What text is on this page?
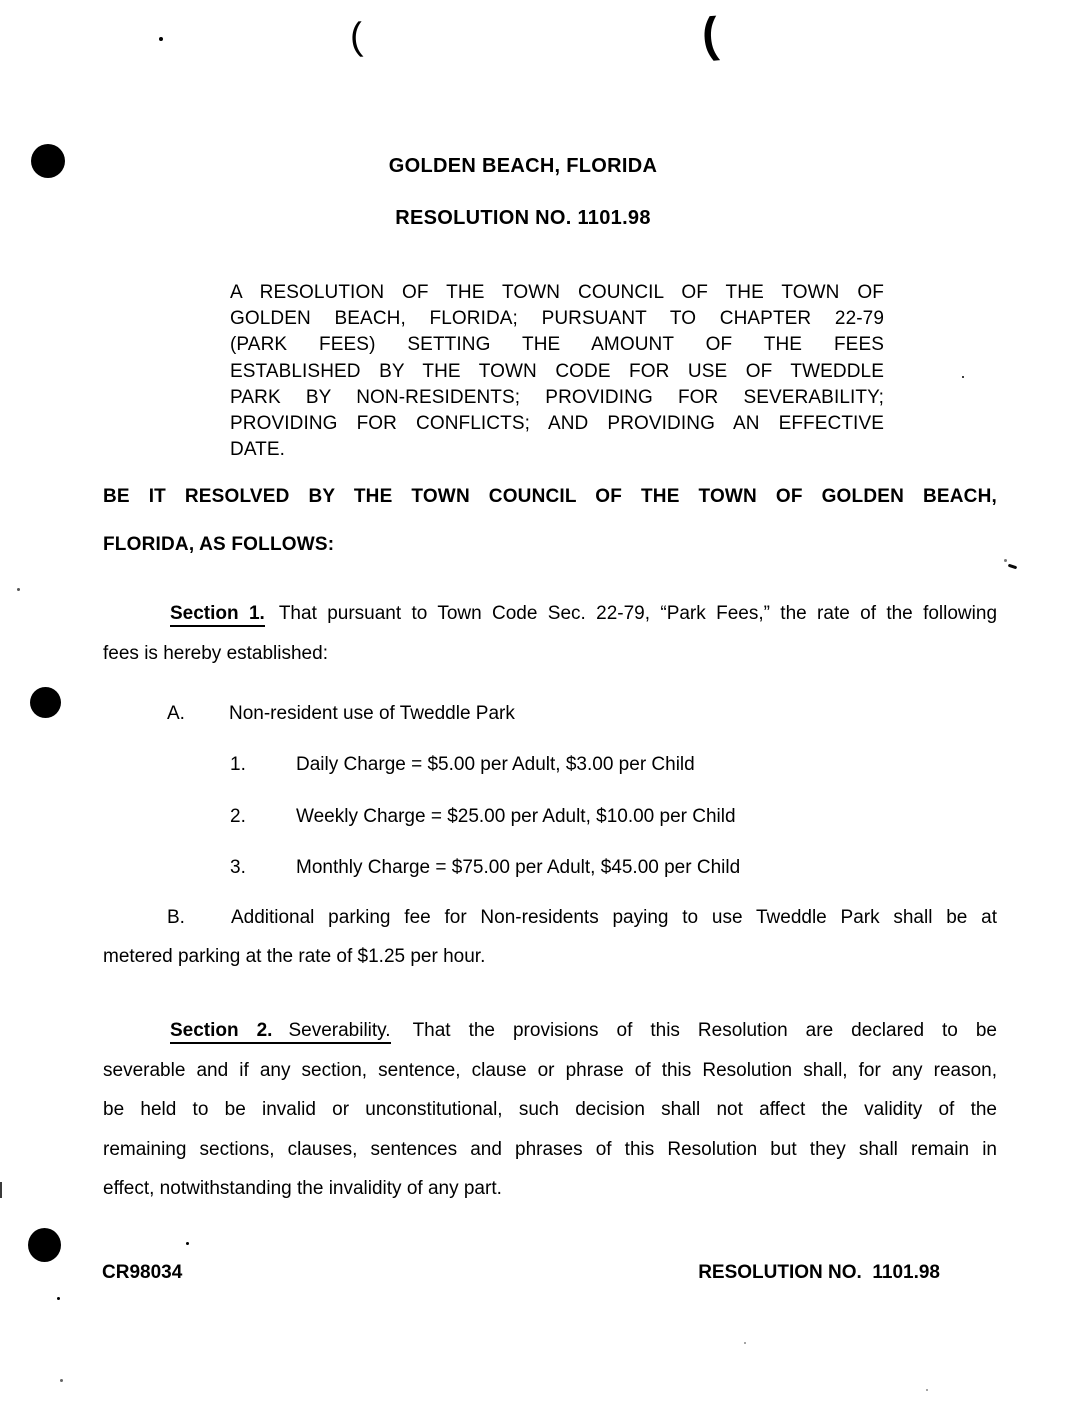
(	(
GOLDEN BEACH, FLORIDA
RESOLUTION NO. 1101.98
A RESOLUTION OF THE TOWN COUNCIL OF THE TOWN OF
GOLDEN BEACH, FLORIDA; PURSUANT TO CHAPTER 22-79
(PARK FEES) SETTING THE AMOUNT OF THE FEES
ESTABLISHED BY THE TOWN CODE FOR USE OF TWEDDLE
PARK BY NON-RESIDENTS; PROVIDING FOR SEVERABILITY;
PROVIDING FOR CONFLICTS; AND PROVIDING AN EFFECTIVE
DATE.
BE IT RESOLVED BY THE TOWN COUNCIL OF THE TOWN OF GOLDEN BEACH,
FLORIDA, AS FOLLOWS:
Section 1. That pursuant to Town Code Sec. 22-79, “Park Fees,” the rate of the following
fees is hereby established:
A. Non-resident use of Tweddle Park
1.	Daily Charge = $5.00 per Adult, $3.00 per Child
2.	Weekly Charge = $25.00 per Adult, $10.00 per Child
3.	Monthly Charge = $75.00 per Adult, $45.00 per Child
B. Additional parking fee for Non-residents paying to use Tweddle Park shall be at
metered parking at the rate of $1.25 per hour.
Section 2. Severability. That the provisions of this Resolution are declared to be
severable and if any section, sentence, clause or phrase of this Resolution shall, for any reason,
be held to be invalid or unconstitutional, such decision shall not affect the validity of the
remaining sections, clauses, sentences and phrases of this Resolution but they shall remain in
effect, notwithstanding the invalidity of any part.
CR98034	RESOLUTION NO.  1101.98
